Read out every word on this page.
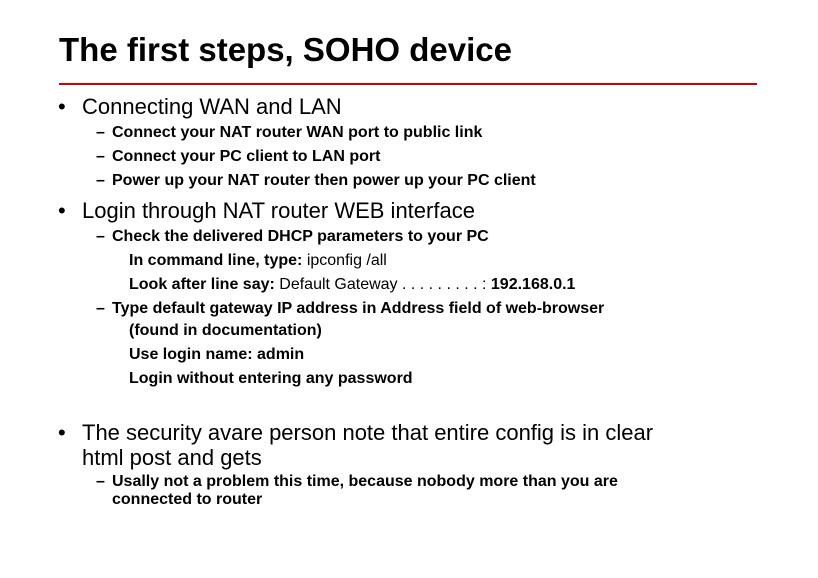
The first steps, SOHO device
• Connecting WAN and LAN
– Connect your NAT router WAN port to public link
– Connect your PC client to LAN port
– Power up your NAT router then power up your PC client
• Login through NAT router WEB interface
– Check the delivered DHCP parameters to your PC
In command line, type: ipconfig /all
Look after line say: Default Gateway . . . . . . . . . : 192.168.0.1
– Type default gateway IP address in Address field of web-browser
(found in documentation)
Use login name: admin
Login without entering any password
• The security avare person note that entire config is in clear
html post and gets
– Usally not a problem this time, because nobody more than you are
connected to router
